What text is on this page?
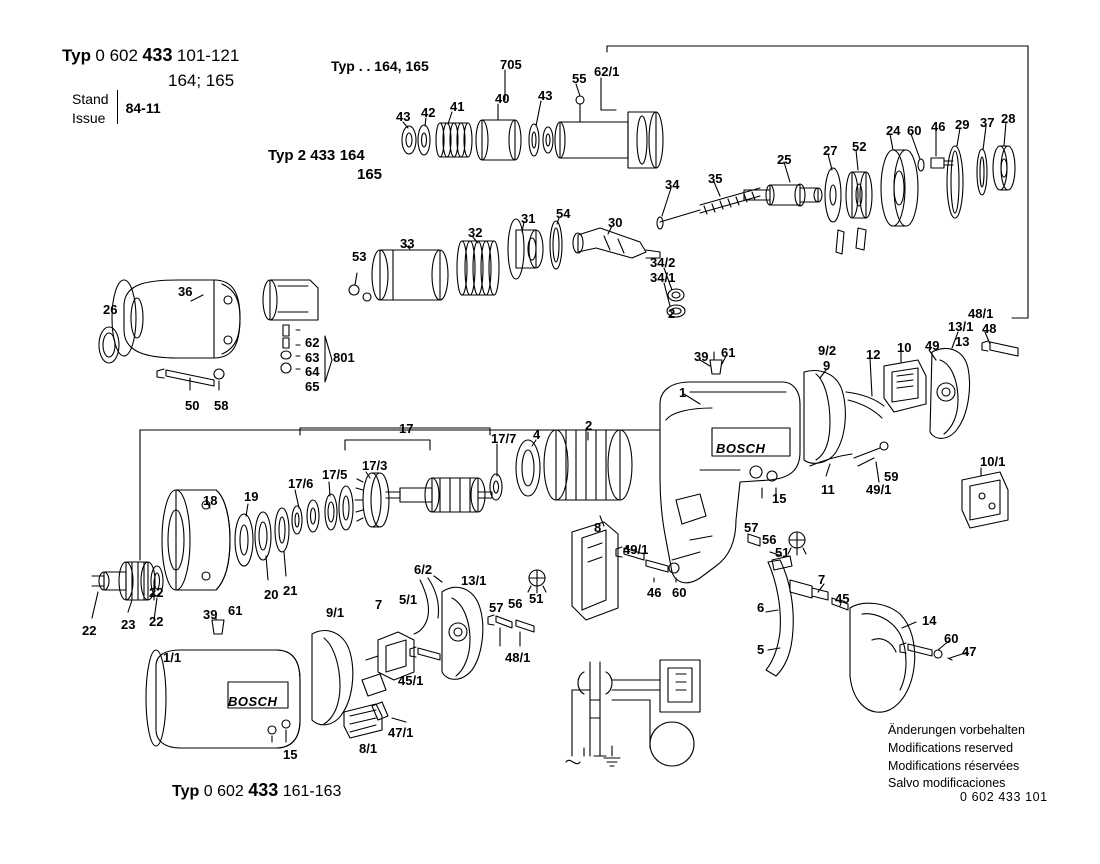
Typ 0 602 433 101-121
164; 165
Stand
Issue
84-11
Typ . . 164, 165
Typ 2 433 164
165
Typ 0 602 433 161-163
Änderungen vorbehalten
Modifications reserved
Modifications réservées
Salvo modificaciones
0 602 433 101
BOSCH
BOSCH
705
55 62/1
43 42 41
40 43
24 60 46 29 37 28
25
27 52
34 35
30
54
31
32
33
53	34/2
34/1
2
36
26
62
63
64
65
801
50 58
39 61	9/2
9
12 10 49
13/1
13
48/1
48
1
10/1
59
49/1
11
15
17
17/7 4
2
17/3
17/5
17/6
18 19
20 21
22
23
22
22	39 61
6/2
13/1
5/1
7
9/1	57 56 51
48/1
45/1
47/1
8/1
1/1
15
8
49/1
46 60
57
56
51
7
6
45
5
14
60
47
